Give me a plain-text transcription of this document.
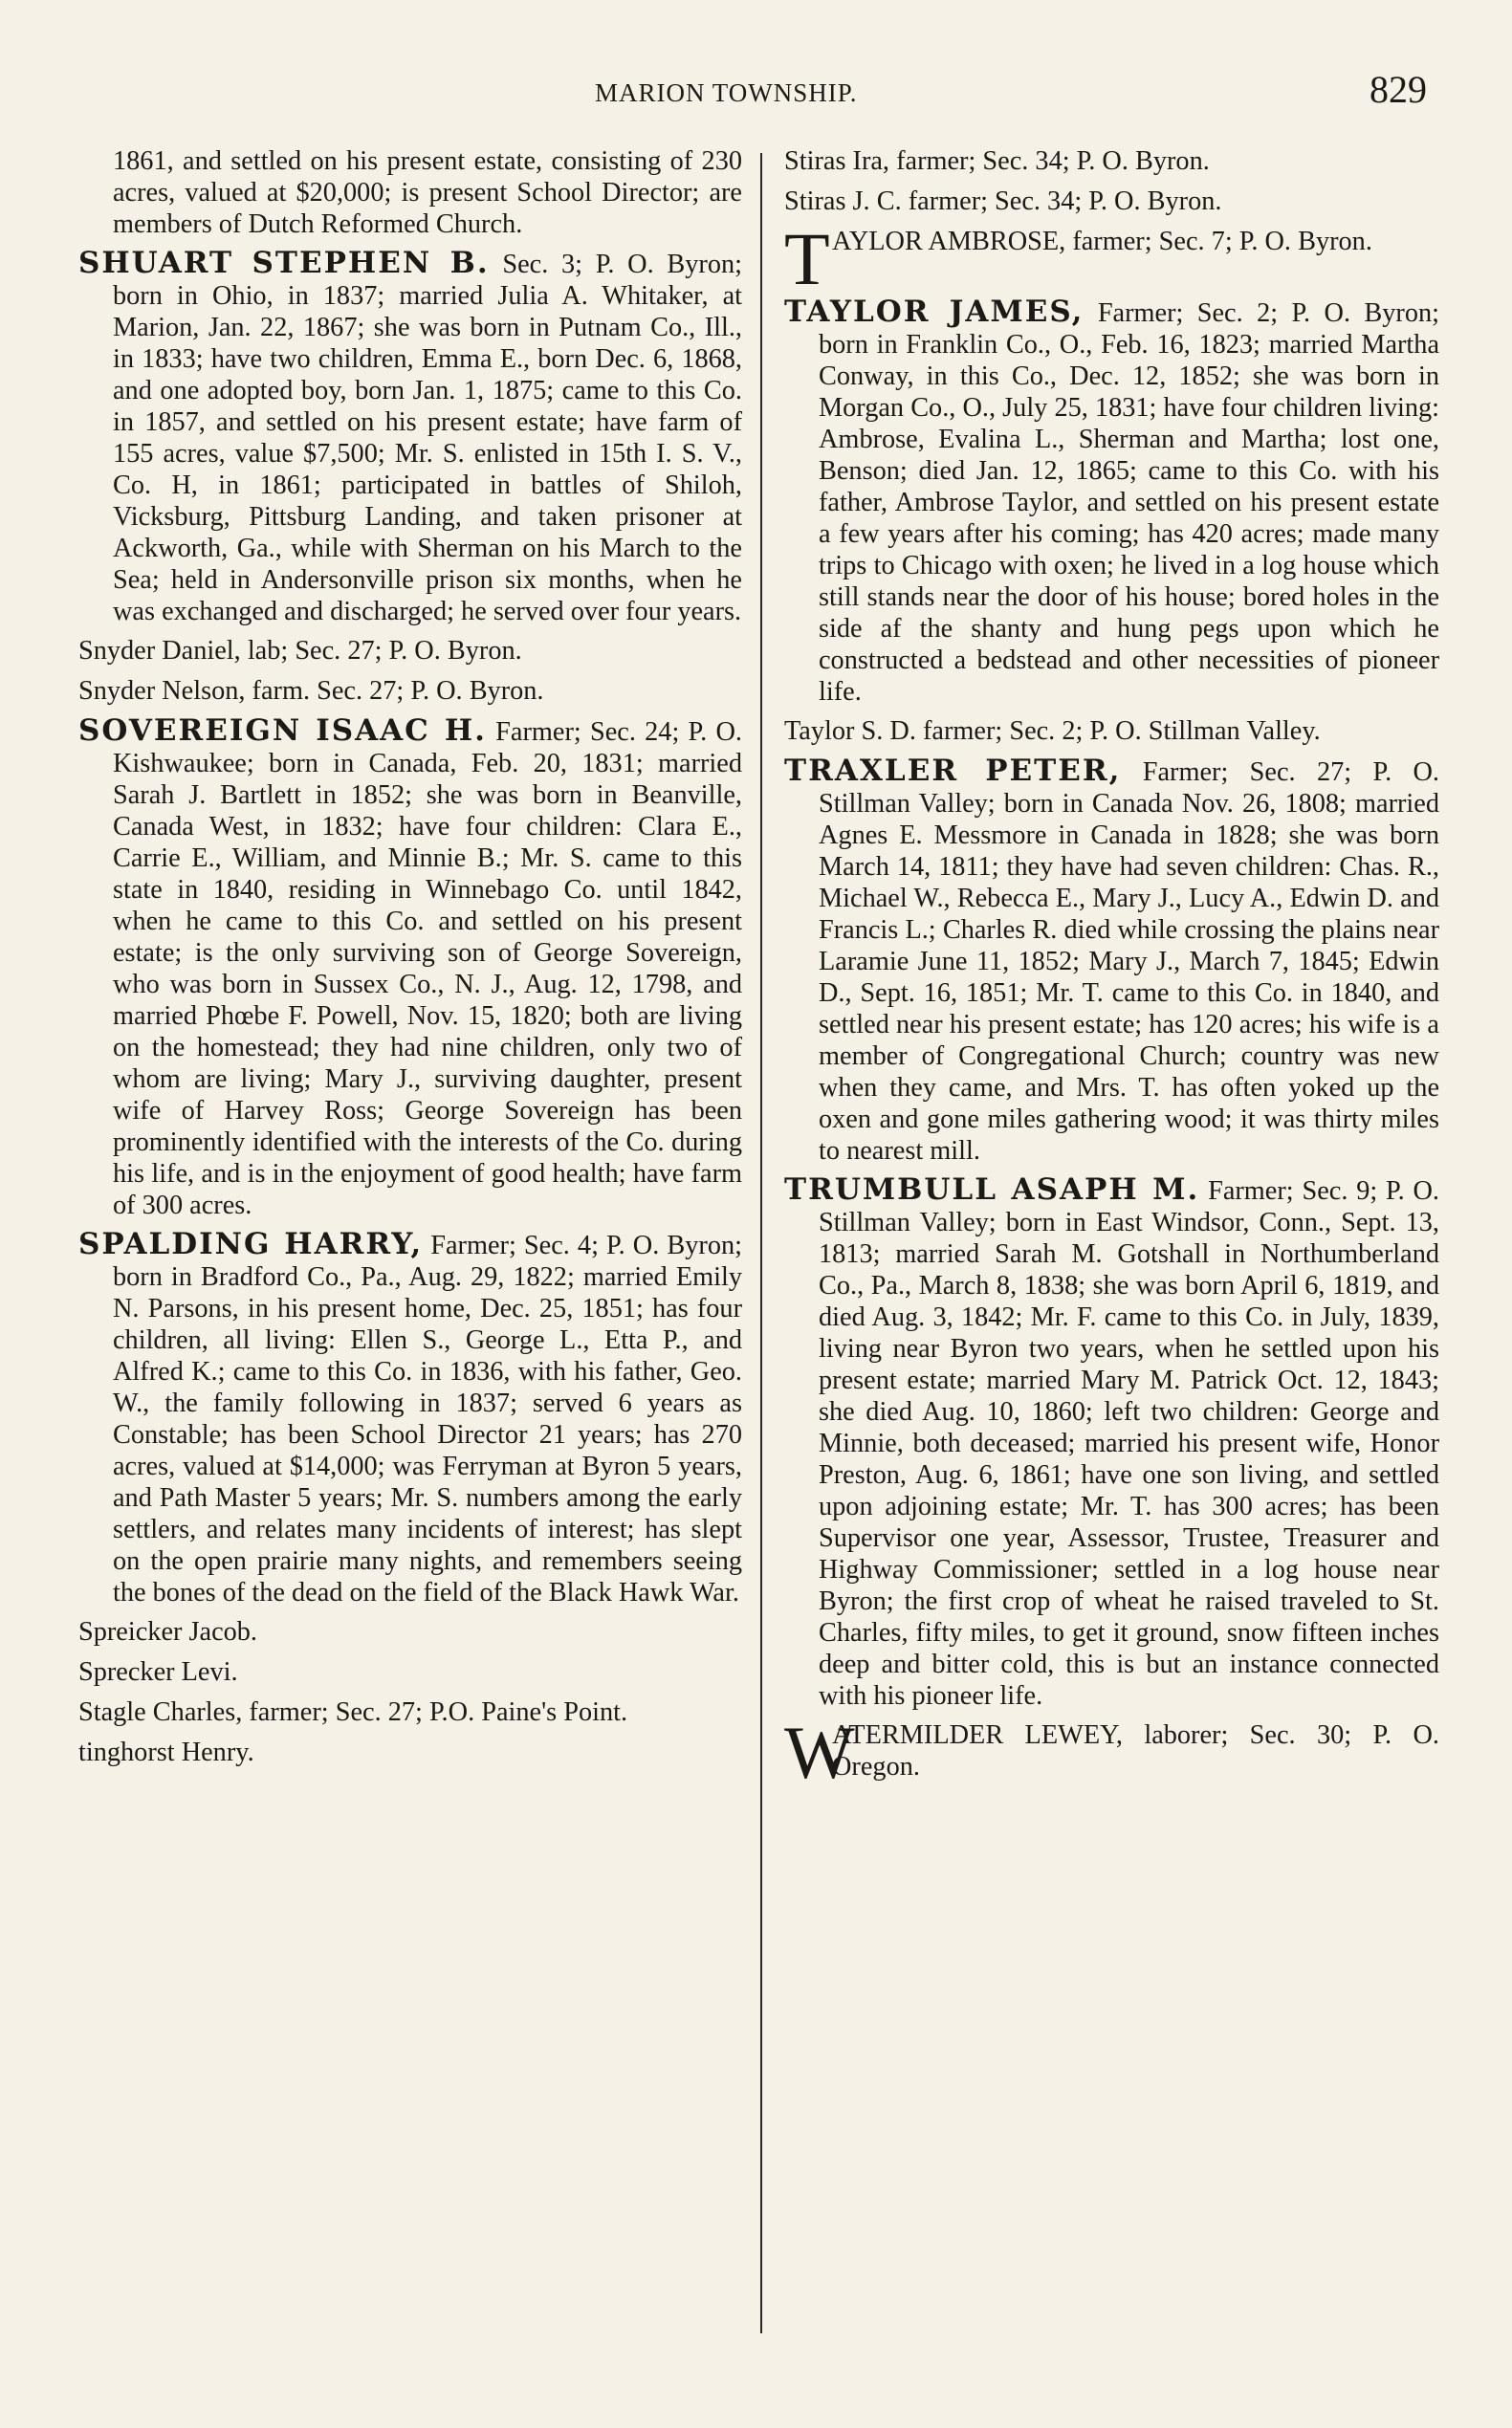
MARION TOWNSHIP.	829

1861, and settled on his present estate, consisting of 230 acres, valued at $20,000; is present School Director; are members of Dutch Reformed Church.

SHUART STEPHEN B. Sec. 3; P. O. Byron; born in Ohio, in 1837; married Julia A. Whitaker, at Marion, Jan. 22, 1867; she was born in Putnam Co., Ill., in 1833; have two children, Emma E., born Dec. 6, 1868, and one adopted boy, born Jan. 1, 1875; came to this Co. in 1857, and settled on his present estate; have farm of 155 acres, value $7,500; Mr. S. enlisted in 15th I. S. V., Co. H, in 1861; participated in battles of Shiloh, Vicksburg, Pittsburg Landing, and taken prisoner at Ackworth, Ga., while with Sherman on his March to the Sea; held in Andersonville prison six months, when he was exchanged and discharged; he served over four years.

Snyder Daniel, lab; Sec. 27; P. O. Byron.

Snyder Nelson, farm. Sec. 27; P. O. Byron.

SOVEREIGN ISAAC H. Farmer; Sec. 24; P. O. Kishwaukee; born in Canada, Feb. 20, 1831; married Sarah J. Bartlett in 1852; she was born in Beanville, Canada West, in 1832; have four children: Clara E., Carrie E., William, and Minnie B.; Mr. S. came to this state in 1840, residing in Winnebago Co. until 1842, when he came to this Co. and settled on his present estate; is the only surviving son of George Sovereign, who was born in Sussex Co., N. J., Aug. 12, 1798, and married Phœbe F. Powell, Nov. 15, 1820; both are living on the homestead; they had nine children, only two of whom are living; Mary J., surviving daughter, present wife of Harvey Ross; George Sovereign has been prominently identified with the interests of the Co. during his life, and is in the enjoyment of good health; have farm of 300 acres.

SPALDING HARRY, Farmer; Sec. 4; P. O. Byron; born in Bradford Co., Pa., Aug. 29, 1822; married Emily N. Parsons, in his present home, Dec. 25, 1851; has four children, all living: Ellen S., George L., Etta P., and Alfred K.; came to this Co. in 1836, with his father, Geo. W., the family following in 1837; served 6 years as Constable; has been School Director 21 years; has 270 acres, valued at $14,000; was Ferryman at Byron 5 years, and Path Master 5 years; Mr. S. numbers among the early settlers, and relates many incidents of interest; has slept on the open prairie many nights, and remembers seeing the bones of the dead on the field of the Black Hawk War.

Spreicker Jacob.

Sprecker Levi.

Stagle Charles, farmer; Sec. 27; P.O. Paine's Point.

tinghorst Henry.

Stiras Ira, farmer; Sec. 34; P. O. Byron.

Stiras J. C. farmer; Sec. 34; P. O. Byron.

T AYLOR AMBROSE, farmer; Sec. 7; P. O. Byron.

TAYLOR JAMES, Farmer; Sec. 2; P. O. Byron; born in Franklin Co., O., Feb. 16, 1823; married Martha Conway, in this Co., Dec. 12, 1852; she was born in Morgan Co., O., July 25, 1831; have four children living: Ambrose, Evalina L., Sherman and Martha; lost one, Benson; died Jan. 12, 1865; came to this Co. with his father, Ambrose Taylor, and settled on his present estate a few years after his coming; has 420 acres; made many trips to Chicago with oxen; he lived in a log house which still stands near the door of his house; bored holes in the side af the shanty and hung pegs upon which he constructed a bedstead and other necessities of pioneer life.

Taylor S. D. farmer; Sec. 2; P. O. Stillman Valley.

TRAXLER PETER, Farmer; Sec. 27; P. O. Stillman Valley; born in Canada Nov. 26, 1808; married Agnes E. Messmore in Canada in 1828; she was born March 14, 1811; they have had seven children: Chas. R., Michael W., Rebecca E., Mary J., Lucy A., Edwin D. and Francis L.; Charles R. died while crossing the plains near Laramie June 11, 1852; Mary J., March 7, 1845; Edwin D., Sept. 16, 1851; Mr. T. came to this Co. in 1840, and settled near his present estate; has 120 acres; his wife is a member of Congregational Church; country was new when they came, and Mrs. T. has often yoked up the oxen and gone miles gathering wood; it was thirty miles to nearest mill.

TRUMBULL ASAPH M. Farmer; Sec. 9; P. O. Stillman Valley; born in East Windsor, Conn., Sept. 13, 1813; married Sarah M. Gotshall in Northumberland Co., Pa., March 8, 1838; she was born April 6, 1819, and died Aug. 3, 1842; Mr. F. came to this Co. in July, 1839, living near Byron two years, when he settled upon his present estate; married Mary M. Patrick Oct. 12, 1843; she died Aug. 10, 1860; left two children: George and Minnie, both deceased; married his present wife, Honor Preston, Aug. 6, 1861; have one son living, and settled upon adjoining estate; Mr. T. has 300 acres; has been Supervisor one year, Assessor, Trustee, Treasurer and Highway Commissioner; settled in a log house near Byron; the first crop of wheat he raised traveled to St. Charles, fifty miles, to get it ground, snow fifteen inches deep and bitter cold, this is but an instance connected with his pioneer life.

W
ATERMILDER LEWEY, laborer; Sec. 30; P. O. Oregon.
